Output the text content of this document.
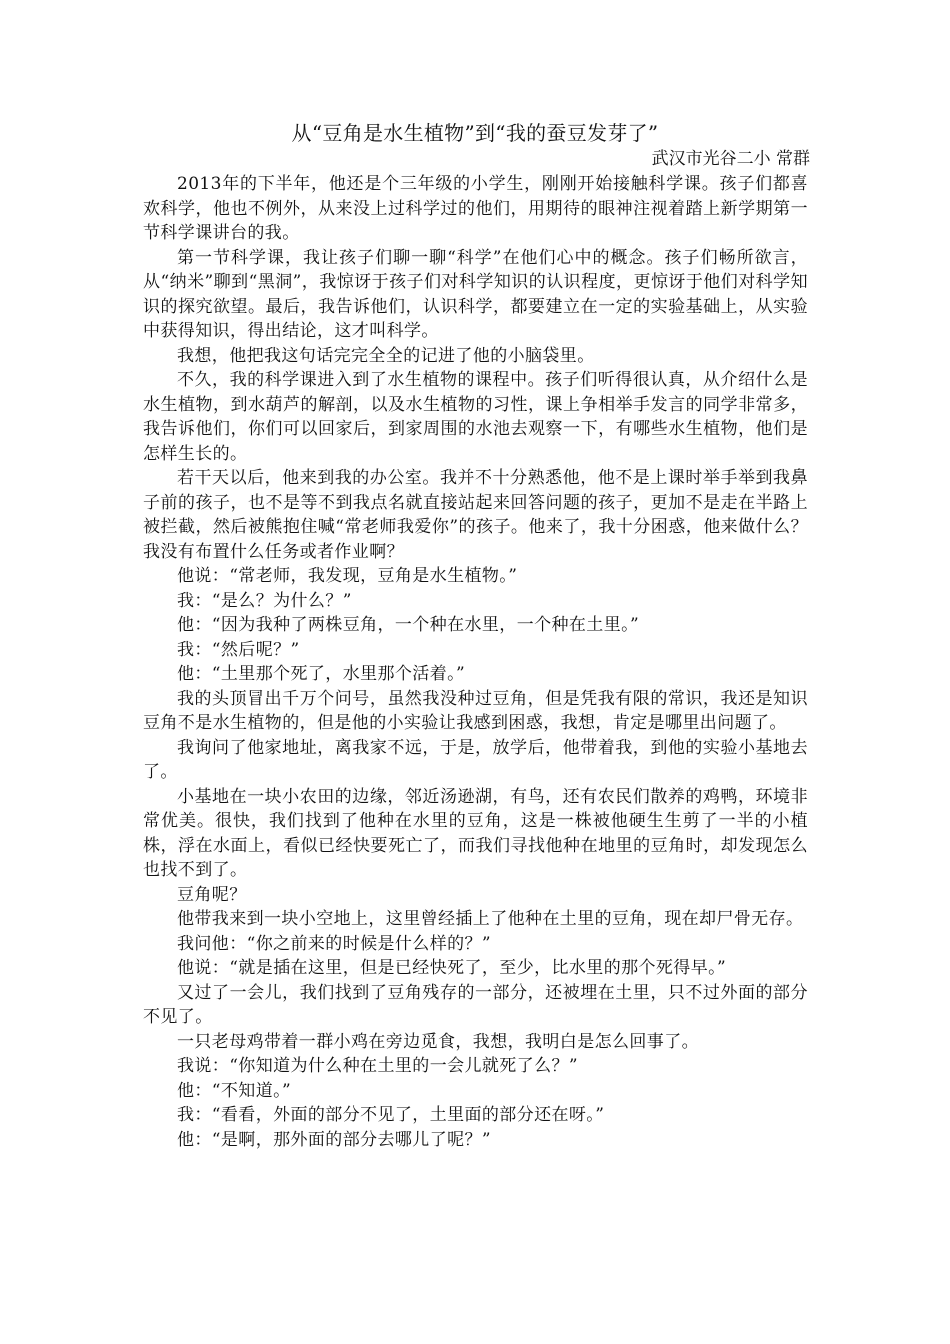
从“豆角是水生植物”到“我的蚕豆发芽了”
武汉市光谷二小 常群

2013年的下半年，他还是个三年级的小学生，刚刚开始接触科学课。孩子们都喜欢科学，他也不例外，从来没上过科学过的他们，用期待的眼神注视着踏上新学期第一节科学课讲台的我。

第一节科学课，我让孩子们聊一聊“科学”在他们心中的概念。孩子们畅所欲言，从“纳米”聊到“黑洞”，我惊讶于孩子们对科学知识的认识程度，更惊讶于他们对科学知识的探究欲望。最后，我告诉他们，认识科学，都要建立在一定的实验基础上，从实验中获得知识，得出结论，这才叫科学。

我想，他把我这句话完完全全的记进了他的小脑袋里。

不久，我的科学课进入到了水生植物的课程中。孩子们听得很认真，从介绍什么是水生植物，到水葫芦的解剖，以及水生植物的习性，课上争相举手发言的同学非常多，我告诉他们，你们可以回家后，到家周围的水池去观察一下，有哪些水生植物，他们是怎样生长的。

若干天以后，他来到我的办公室。我并不十分熟悉他，他不是上课时举手举到我鼻子前的孩子，也不是等不到我点名就直接站起来回答问题的孩子，更加不是走在半路上被拦截，然后被熊抱住喊“常老师我爱你”的孩子。他来了，我十分困惑，他来做什么？我没有布置什么任务或者作业啊？

他说：“常老师，我发现，豆角是水生植物。”

我：“是么？为什么？”

他：“因为我种了两株豆角，一个种在水里，一个种在土里。”

我：“然后呢？”

他：“土里那个死了，水里那个活着。”

我的头顶冒出千万个问号，虽然我没种过豆角，但是凭我有限的常识，我还是知识豆角不是水生植物的，但是他的小实验让我感到困惑，我想，肯定是哪里出问题了。

我询问了他家地址，离我家不远，于是，放学后，他带着我，到他的实验小基地去了。

小基地在一块小农田的边缘，邻近汤逊湖，有鸟，还有农民们散养的鸡鸭，环境非常优美。很快，我们找到了他种在水里的豆角，这是一株被他硬生生剪了一半的小植株，浮在水面上，看似已经快要死亡了，而我们寻找他种在地里的豆角时，却发现怎么也找不到了。

豆角呢？

他带我来到一块小空地上，这里曾经插上了他种在土里的豆角，现在却尸骨无存。

我问他：“你之前来的时候是什么样的？”

他说：“就是插在这里，但是已经快死了，至少，比水里的那个死得早。”

又过了一会儿，我们找到了豆角残存的一部分，还被埋在土里，只不过外面的部分不见了。

一只老母鸡带着一群小鸡在旁边觅食，我想，我明白是怎么回事了。

我说：“你知道为什么种在土里的一会儿就死了么？”

他：“不知道。”

我：“看看，外面的部分不见了，土里面的部分还在呀。”

他：“是啊，那外面的部分去哪儿了呢？”
